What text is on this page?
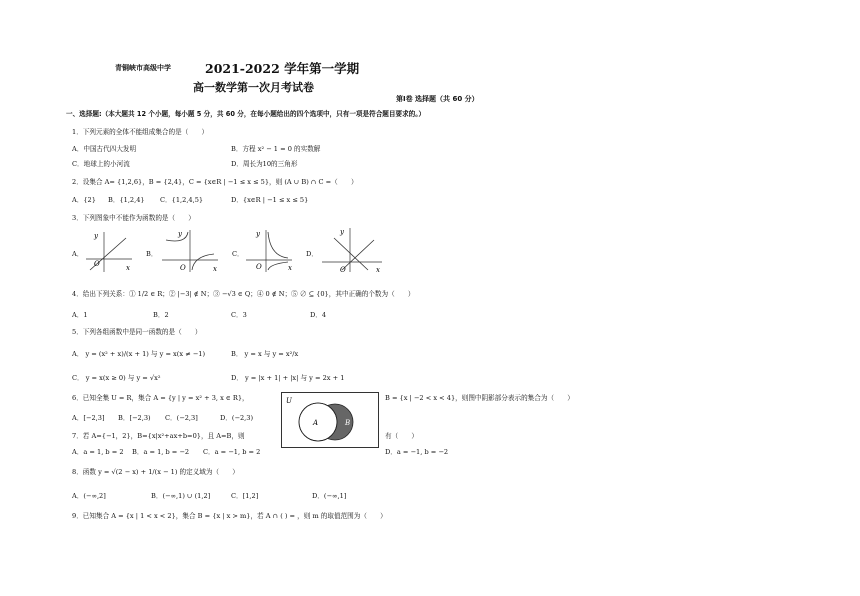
青铜峡市高级中学	2021-2022 学年第一学期
高一数学第一次月考试卷
第Ⅰ卷 选择题（共 60 分）
一、选择题:（本大题共 12 个小题，每小题 5 分，共 60 分，在每小题给出的四个选项中，只有一项是符合题目要求的。）
1．下列元素的全体不能组成集合的是（　　）
A．中国古代四大发明	B．方程 x² − 1 = 0 的实数解
C．地球上的小河流	D．周长为10的三角形
2．设集合 A= {1,2,6}，B = {2,4}，C = {x∈R | −1 ≤ x ≤ 5}，则 (A ∪ B) ∩ C =（　　）
A．{2} B．{1,2,4} C．{1,2,4,5}	D．{x∈R | −1 ≤ x ≤ 5}
3．下列图象中不能作为函数的是（　　）
A．	B．	C．	D．
y
x
O
y
x
O
y
x
O
y
x
O
4．给出下列关系：① 1/2 ∈ R；② |−3| ∉ N；③ −√3 ∈ Q；④ 0 ∉ N；⑤ ∅ ⊆ {0}，其中正确的个数为（　　）
A．1	B．2	C．3	D．4
5．下列各组函数中是同一函数的是（　　）
A． y = (x² + x)/(x + 1) 与 y = x(x ≠ −1)	B． y = x 与 y = x²/x
C． y = x(x ≥ 0) 与 y = √x²	D． y = |x + 1| + |x| 与 y = 2x + 1
6．已知全集 U = R，集合 A = {y | y = x² + 3, x ∈ R}，	B = {x | −2 < x < 4}，则图中阴影部分表示的集合为（　　）
A．[−2,3] B．[−2,3) C．(−2,3]	D．(−2,3)
U
A	B
7．若 A={−1，2}，B={x|x²+ax+b=0}，且 A=B，则	有（　　）
A．a = 1, b = 2 B．a = 1, b = −2 C．a = −1, b = 2	D．a = −1, b = −2
8．函数 y = √(2 − x) + 1/(x − 1) 的定义域为（　　）
A．(−∞,2]	B．(−∞,1) ∪ (1,2]	C．[1,2]	D．(−∞,1]
9．已知集合 A = {x | 1 < x < 2}，集合 B = {x | x > m}，若 A ∩ ( ) = ，则 m 的取值范围为（　　）
